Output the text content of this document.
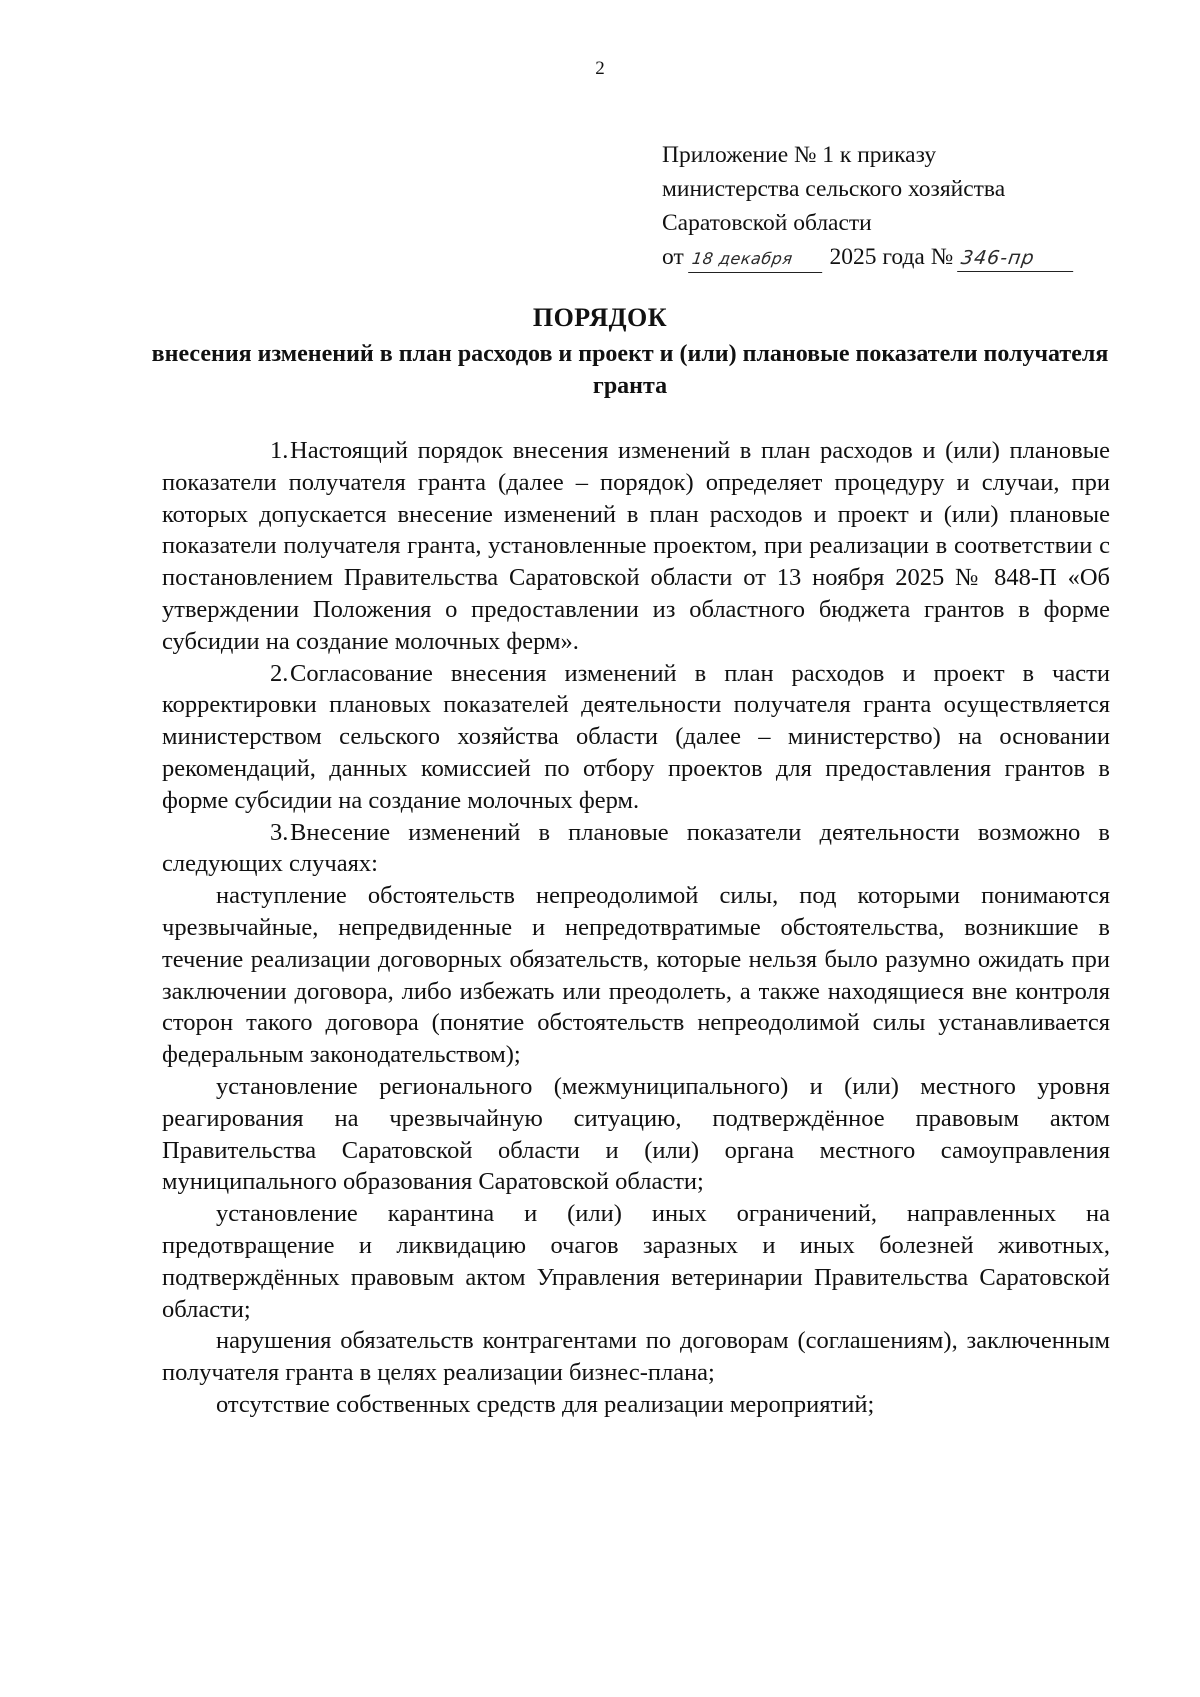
2
Приложение № 1 к приказу
министерства сельского хозяйства
Саратовской области
от 18 декабря 2025 года № 346-пр
ПОРЯДОК
внесения изменений в план расходов и проект и (или) плановые показатели получателя гранта

1.Настоящий порядок внесения изменений в план расходов и (или) плановые показатели получателя гранта (далее – порядок) определяет процедуру и случаи, при которых допускается внесение изменений в план расходов и проект и (или) плановые показатели получателя гранта, установленные проектом, при реализации в соответствии с постановлением Правительства Саратовской области от 13 ноября 2025 № 848-П «Об утверждении Положения о предоставлении из областного бюджета грантов в форме субсидии на создание молочных ферм».

2.Согласование внесения изменений в план расходов и проект в части корректировки плановых показателей деятельности получателя гранта осуществляется министерством сельского хозяйства области (далее – министерство) на основании рекомендаций, данных комиссией по отбору проектов для предоставления грантов в форме субсидии на создание молочных ферм.

3.Внесение изменений в плановые показатели деятельности возможно в следующих случаях:

наступление обстоятельств непреодолимой силы, под которыми понимаются чрезвычайные, непредвиденные и непредотвратимые обстоятельства, возникшие в течение реализации договорных обязательств, которые нельзя было разумно ожидать при заключении договора, либо избежать или преодолеть, а также находящиеся вне контроля сторон такого договора (понятие обстоятельств непреодолимой силы устанавливается федеральным законодательством);

установление регионального (межмуниципального) и (или) местного уровня реагирования на чрезвычайную ситуацию, подтверждённое правовым актом Правительства Саратовской области и (или) органа местного самоуправления муниципального образования Саратовской области;

установление карантина и (или) иных ограничений, направленных на предотвращение и ликвидацию очагов заразных и иных болезней животных, подтверждённых правовым актом Управления ветеринарии Правительства Саратовской области;

нарушения обязательств контрагентами по договорам (соглашениям), заключенным получателя гранта в целях реализации бизнес-плана;

отсутствие собственных средств для реализации мероприятий;
